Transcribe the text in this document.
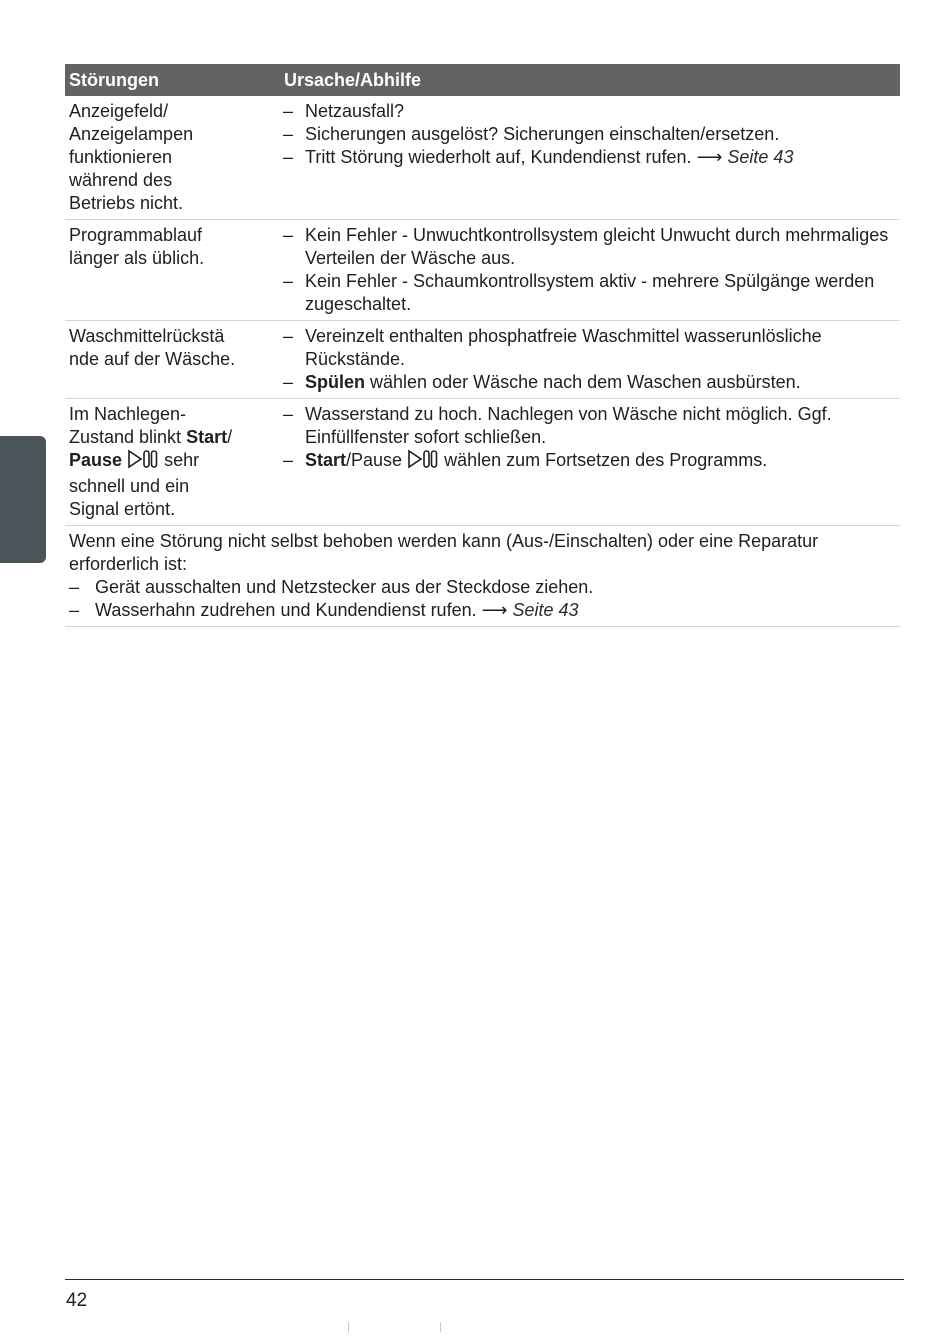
Störungen	Ursache/Abhilfe
Anzeigefeld/
Anzeigelampen
funktionieren
während des
Betriebs nicht.
– Netzausfall?
– Sicherungen ausgelöst? Sicherungen einschalten/ersetzen.
– Tritt Störung wiederholt auf, Kundendienst rufen. ⟶ Seite 43
Programmablauf
länger als üblich.
– Kein Fehler - Unwuchtkontrollsystem gleicht Unwucht durch mehrmaliges Verteilen der Wäsche aus.
– Kein Fehler - Schaumkontrollsystem aktiv - mehrere Spülgänge werden zugeschaltet.
Waschmittelrückstä
nde auf der Wäsche.
– Vereinzelt enthalten phosphatfreie Waschmittel wasserunlösliche Rückstände.
– Spülen wählen oder Wäsche nach dem Waschen ausbürsten.
Im Nachlegen-
Zustand blinkt Start/
Pause sehr
schnell und ein
Signal ertönt.
– Wasserstand zu hoch. Nachlegen von Wäsche nicht möglich. Ggf. Einfüllfenster sofort schließen.
– Start/Pause wählen zum Fortsetzen des Programms.
Wenn eine Störung nicht selbst behoben werden kann (Aus-/Einschalten) oder eine Reparatur erforderlich ist:
– Gerät ausschalten und Netzstecker aus der Steckdose ziehen.
– Wasserhahn zudrehen und Kundendienst rufen. ⟶ Seite 43
42
